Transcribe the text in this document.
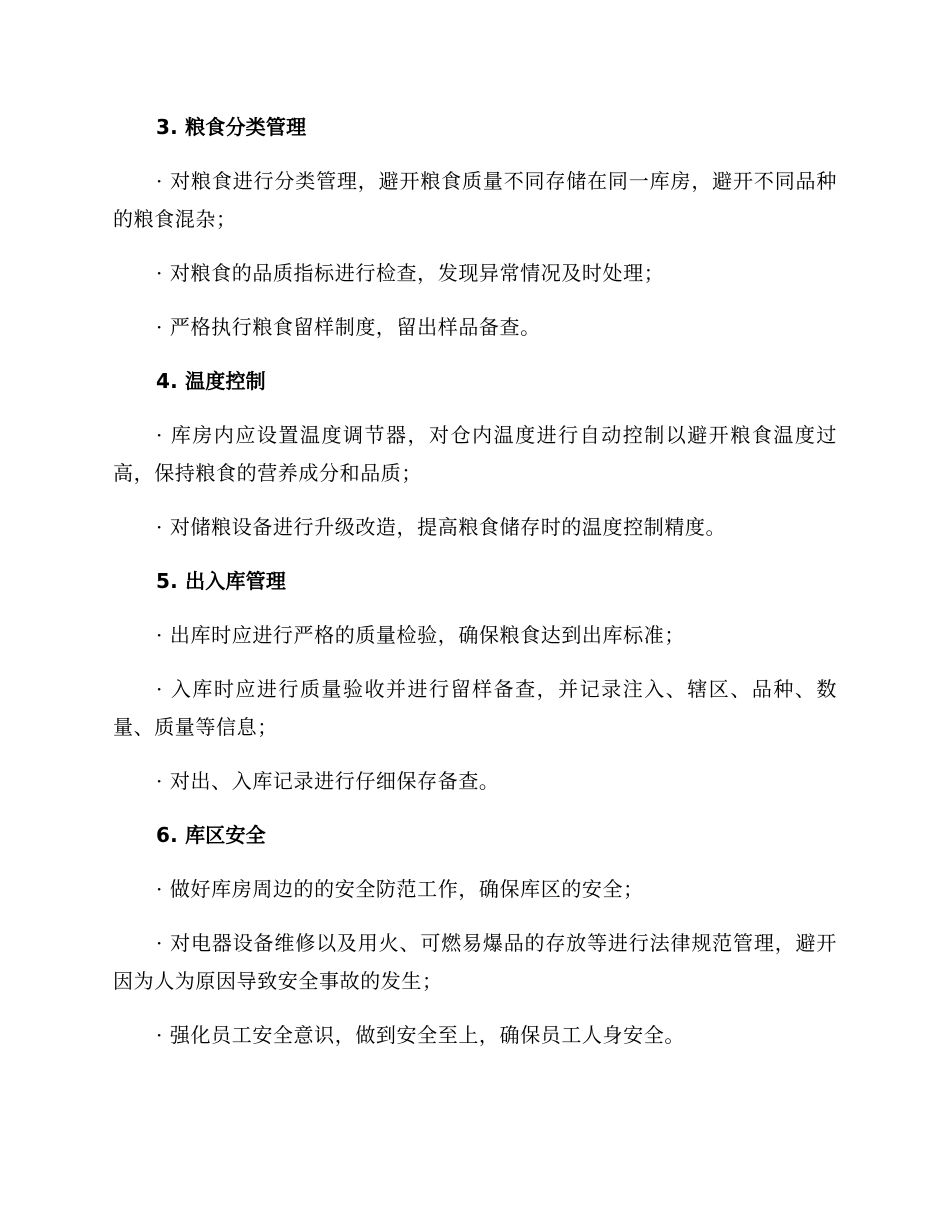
3. 粮食分类管理

· 对粮食进行分类管理，避开粮食质量不同存储在同一库房，避开不同品种的粮食混杂；

· 对粮食的品质指标进行检查，发现异常情况及时处理；

· 严格执行粮食留样制度，留出样品备查。

4. 温度控制

· 库房内应设置温度调节器，对仓内温度进行自动控制以避开粮食温度过高，保持粮食的营养成分和品质；

· 对储粮设备进行升级改造，提高粮食储存时的温度控制精度。

5. 出入库管理

· 出库时应进行严格的质量检验，确保粮食达到出库标准；

· 入库时应进行质量验收并进行留样备查，并记录注入、辖区、品种、数量、质量等信息；

· 对出、入库记录进行仔细保存备查。

6. 库区安全

· 做好库房周边的的安全防范工作，确保库区的安全；

· 对电器设备维修以及用火、可燃易爆品的存放等进行法律规范管理，避开因为人为原因导致安全事故的发生；

· 强化员工安全意识，做到安全至上，确保员工人身安全。
